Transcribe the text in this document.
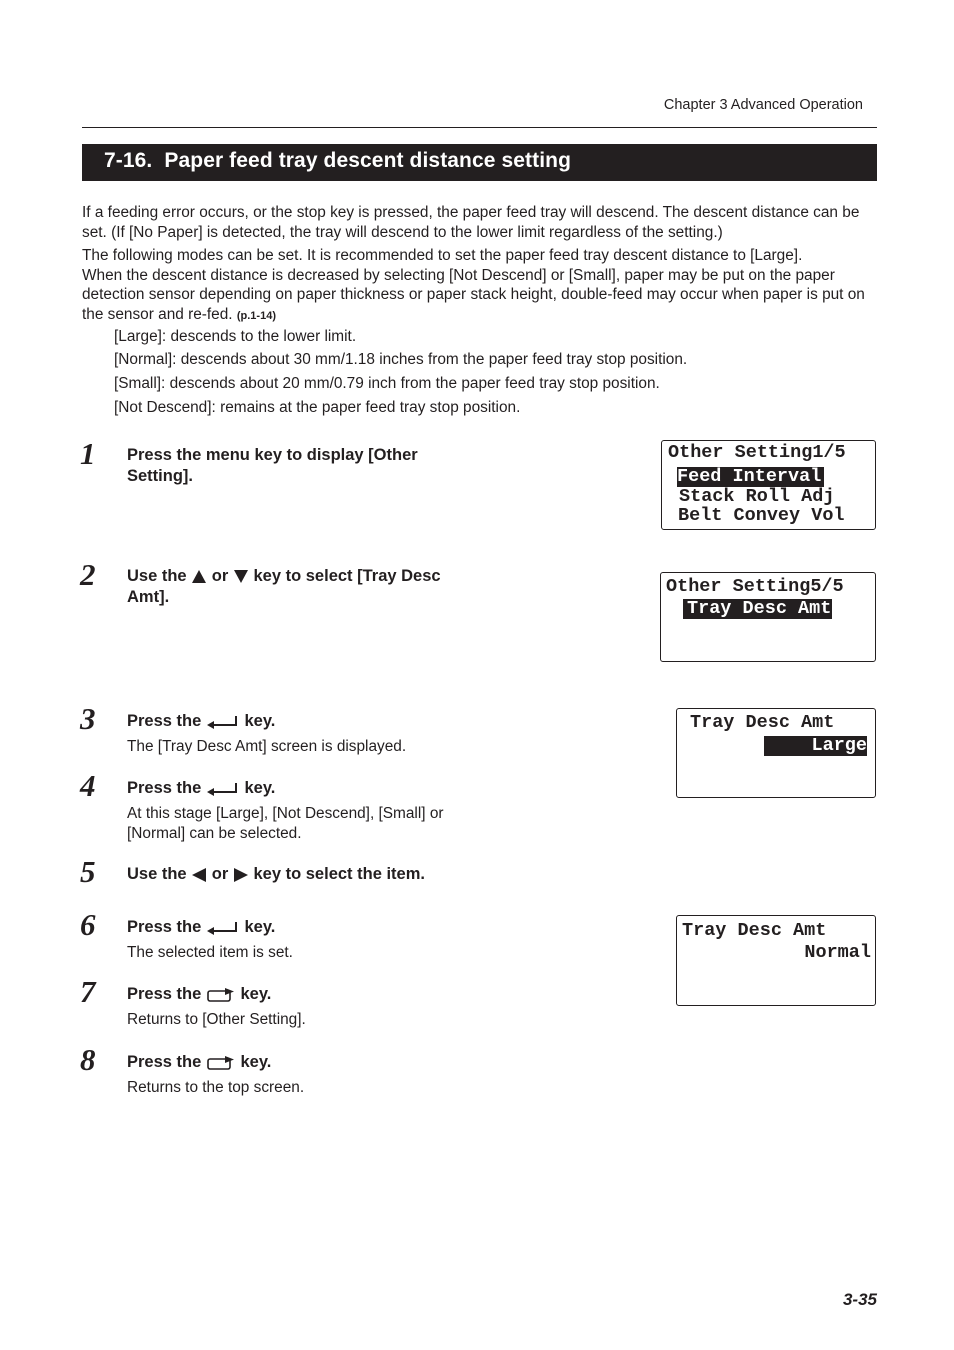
Chapter 3 Advanced Operation
7-16. Paper feed tray descent distance setting
If a feeding error occurs, or the stop key is pressed, the paper feed tray will descend. The descent distance can be set. (If [No Paper] is detected, the tray will descend to the lower limit regardless of the setting.)
The following modes can be set. It is recommended to set the paper feed tray descent distance to [Large].
When the descent distance is decreased by selecting [Not Descend] or [Small], paper may be put on the paper detection sensor depending on paper thickness or paper stack height, double-feed may occur when paper is put on the sensor and re-fed. (p.1-14)
[Large]: descends to the lower limit.
[Normal]: descends about 30 mm/1.18 inches from the paper feed tray stop position.
[Small]: descends about 20 mm/0.79 inch from the paper feed tray stop position.
[Not Descend]: remains at the paper feed tray stop position.
1 Press the menu key to display [Other Setting].
2 Use the or key to select [Tray Desc Amt].
3 Press the	key.
The [Tray Desc Amt] screen is displayed.
4 Press the	key.
At this stage [Large], [Not Descend], [Small] or [Normal] can be selected.
5 Use the or key to select the item.
6 Press the	key.
The selected item is set.
7 Press the key.
Returns to [Other Setting].
8 Press the key.
Returns to the top screen.
Other Setting1/5
Feed Interval
Stack Roll Adj
Belt Convey Vol
Other Setting5/5
Tray Desc Amt
Tray Desc Amt
Large
Tray Desc Amt
Normal
3-35
